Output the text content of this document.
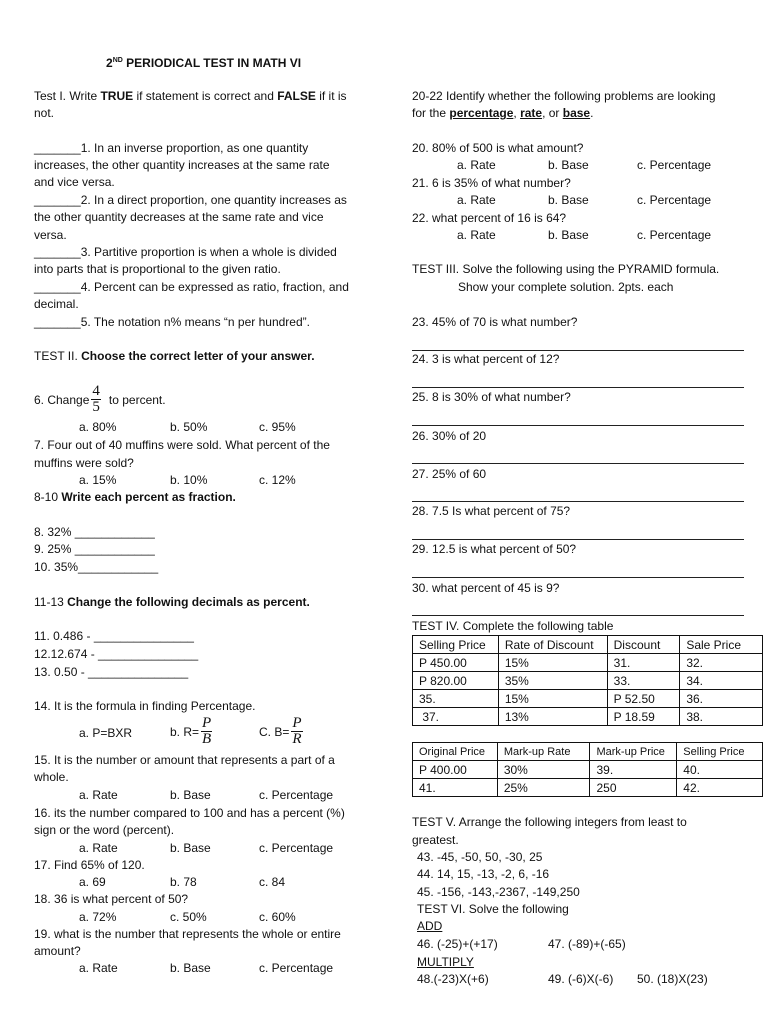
2ND PERIODICAL TEST IN MATH VI
Test I. Write TRUE if statement is correct and FALSE if it is
not.
_______1. In an inverse proportion, as one quantity
increases, the other quantity increases at the same rate
and vice versa.
_______2. In a direct proportion, one quantity increases as
the other quantity decreases at the same rate and vice
versa.
_______3. Partitive proportion is when a whole is divided
into parts that is proportional to the given ratio.
_______4. Percent can be expressed as ratio, fraction, and
decimal.
_______5. The notation n% means “n per hundred”.
TEST II. Choose the correct letter of your answer.
6. Change $\frac{4}{5}$ to percent.
a. 80%	b. 50%	c. 95%
7. Four out of 40 muffins were sold. What percent of the
muffins were sold?
a. 15%	b. 10%	c. 12%
8-10 Write each percent as fraction.
8. 32% ____________
9. 25% ____________
10. 35%____________
11-13 Change the following decimals as percent.
11. 0.486 - _______________
12.12.674 - _______________
13. 0.50 - _______________
14. It is the formula in finding Percentage.
a. P=BXR	b. $R= \frac{P}{B}$	C. $B= \frac{P}{R}$
15. It is the number or amount that represents a part of a
whole.
a. Rate	b. Base	c. Percentage
16. its the number compared to 100 and has a percent (%)
sign or the word (percent).
a. Rate	b. Base	c. Percentage
17. Find 65% of 120.
a. 69	b. 78	c. 84
18. 36 is what percent of 50?
a. 72%	c. 50%	c. 60%
19. what is the number that represents the whole or entire
amount?
a. Rate	b. Base	c. Percentage
20-22 Identify whether the following problems are looking
for the percentage, rate, or base.
20. 80% of 500 is what amount?
a. Rate	b. Base	c. Percentage
21. 6 is 35% of what number?
a. Rate	b. Base	c. Percentage
22. what percent of 16 is 64?
a. Rate	b. Base	c. Percentage
TEST III. Solve the following using the PYRAMID formula.
Show your complete solution. 2pts. each
23. 45% of 70 is what number?
24. 3 is what percent of 12?
25. 8 is 30% of what number?
26. 30% of 20
27. 25% of 60
28. 7.5 Is what percent of 75?
29. 12.5 is what percent of 50?
30. what percent of 45 is 9?
TEST IV. Complete the following table
Selling Price	Rate of Discount	Discount	Sale Price
P 450.00	15%	31.	32.
P 820.00	35%	33.	34.
35.	15%	P 52.50	36.
37.	13%	P 18.59	38.
Original Price	Mark-up Rate	Mark-up Price	Selling Price
P 400.00	30%	39.	40.
41.	25%	250	42.
TEST V. Arrange the following integers from least to
greatest.
43. -45, -50, 50, -30, 25
44. 14, 15, -13, -2, 6, -16
45. -156, -143,-2367, -149,250
TEST VI. Solve the following
ADD
46. (-25)+(+17)	47. (-89)+(-65)
MULTIPLY
48.(-23)X(+6)	49. (-6)X(-6) 50. (18)X(23)
